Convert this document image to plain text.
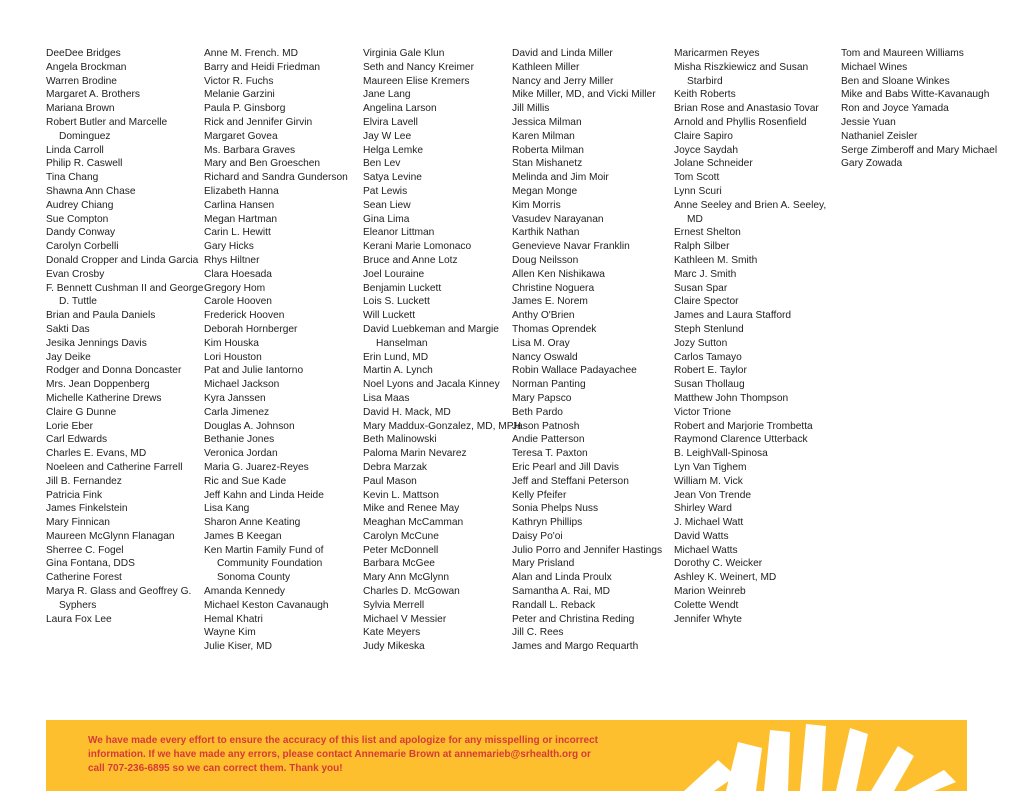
DeeDee Bridges
Angela Brockman
Warren Brodine
Margaret A. Brothers
Mariana Brown
Robert Butler and Marcelle Dominguez
Linda Carroll
Philip R. Caswell
Tina Chang
Shawna Ann Chase
Audrey Chiang
Sue Compton
Dandy Conway
Carolyn Corbelli
Donald Cropper and Linda Garcia
Evan Crosby
F. Bennett Cushman II and George D. Tuttle
Brian and Paula Daniels
Sakti Das
Jesika Jennings Davis
Jay Deike
Rodger and Donna Doncaster
Mrs. Jean Doppenberg
Michelle Katherine Drews
Claire G Dunne
Lorie Eber
Carl Edwards
Charles E. Evans, MD
Noeleen and Catherine Farrell
Jill B. Fernandez
Patricia Fink
James Finkelstein
Mary Finnican
Maureen McGlynn Flanagan
Sherree C. Fogel
Gina Fontana, DDS
Catherine Forest
Marya R. Glass and Geoffrey G. Syphers
Laura Fox Lee
Anne M. French. MD
Barry and Heidi Friedman
Victor R. Fuchs
Melanie Garzini
Paula P. Ginsborg
Rick and Jennifer Girvin
Margaret Govea
Ms. Barbara Graves
Mary and Ben Groeschen
Richard and Sandra Gunderson
Elizabeth Hanna
Carlina Hansen
Megan Hartman
Carin L. Hewitt
Gary Hicks
Rhys Hiltner
Clara Hoesada
Gregory Hom
Carole Hooven
Frederick Hooven
Deborah Hornberger
Kim Houska
Lori Houston
Pat and Julie Iantorno
Michael Jackson
Kyra Janssen
Carla Jimenez
Douglas A. Johnson
Bethanie Jones
Veronica Jordan
Maria G. Juarez-Reyes
Ric and Sue Kade
Jeff Kahn and Linda Heide
Lisa Kang
Sharon Anne Keating
James B Keegan
Ken Martin Family Fund of Community Foundation Sonoma County
Amanda Kennedy
Michael Keston Cavanaugh
Hemal Khatri
Wayne Kim
Julie Kiser, MD
Virginia Gale Klun
Seth and Nancy Kreimer
Maureen Elise Kremers
Jane Lang
Angelina Larson
Elvira Lavell
Jay W Lee
Helga Lemke
Ben Lev
Satya Levine
Pat Lewis
Sean Liew
Gina Lima
Eleanor Littman
Kerani Marie Lomonaco
Bruce and Anne Lotz
Joel Louraine
Benjamin Luckett
Lois S. Luckett
Will Luckett
David Luebkeman and Margie Hanselman
Erin Lund, MD
Martin A. Lynch
Noel Lyons and Jacala Kinney
Lisa Maas
David H. Mack, MD
Mary Maddux-Gonzalez, MD, MPH
Beth Malinowski
Paloma Marin Nevarez
Debra Marzak
Paul Mason
Kevin L. Mattson
Mike and Renee May
Meaghan McCamman
Carolyn McCune
Peter McDonnell
Barbara McGee
Mary Ann McGlynn
Charles D. McGowan
Sylvia Merrell
Michael V Messier
Kate Meyers
Judy Mikeska
David and Linda Miller
Kathleen Miller
Nancy and Jerry Miller
Mike Miller, MD, and Vicki Miller
Jill Millis
Jessica Milman
Karen Milman
Roberta Milman
Stan Mishanetz
Melinda and Jim Moir
Megan Monge
Kim Morris
Vasudev Narayanan
Karthik Nathan
Genevieve Navar Franklin
Doug Neilsson
Allen Ken Nishikawa
Christine Noguera
James E. Norem
Anthy O'Brien
Thomas Oprendek
Lisa M. Oray
Nancy Oswald
Robin Wallace Padayachee
Norman Panting
Mary Papsco
Beth Pardo
Jason Patnosh
Andie Patterson
Teresa T. Paxton
Eric Pearl and Jill Davis
Jeff and Steffani Peterson
Kelly Pfeifer
Sonia Phelps Nuss
Kathryn Phillips
Daisy Po'oi
Julio Porro and Jennifer Hastings
Mary Prisland
Alan and Linda Proulx
Samantha A. Rai, MD
Randall L. Reback
Peter and Christina Reding
Jill C. Rees
James and Margo Requarth
Maricarmen Reyes
Misha Riszkiewicz and Susan Starbird
Keith Roberts
Brian Rose and Anastasio Tovar
Arnold and Phyllis Rosenfield
Claire Sapiro
Joyce Saydah
Jolane Schneider
Tom Scott
Lynn Scuri
Anne Seeley and Brien A. Seeley, MD
Ernest Shelton
Ralph Silber
Kathleen M. Smith
Marc J. Smith
Susan Spar
Claire Spector
James and Laura Stafford
Steph Stenlund
Jozy Sutton
Carlos Tamayo
Robert E. Taylor
Susan Thollaug
Matthew John Thompson
Victor Trione
Robert and Marjorie Trombetta
Raymond Clarence Utterback
B. LeighVall-Spinosa
Lyn Van Tighem
William M. Vick
Jean Von Trende
Shirley Ward
J. Michael Watt
David Watts
Michael Watts
Dorothy C. Weicker
Ashley K. Weinert, MD
Marion Weinreb
Colette Wendt
Jennifer Whyte
Tom and Maureen Williams
Michael Wines
Ben and Sloane Winkes
Mike and Babs Witte-Kavanaugh
Ron and Joyce Yamada
Jessie Yuan
Nathaniel Zeisler
Serge Zimberoff and Mary Michael
Gary Zowada
We have made every effort to ensure the accuracy of this list and apologize for any misspelling or incorrect information. If we have made any errors, please contact Annemarie Brown at annemarieb@srhealth.org or call 707-236-6895 so we can correct them. Thank you!
